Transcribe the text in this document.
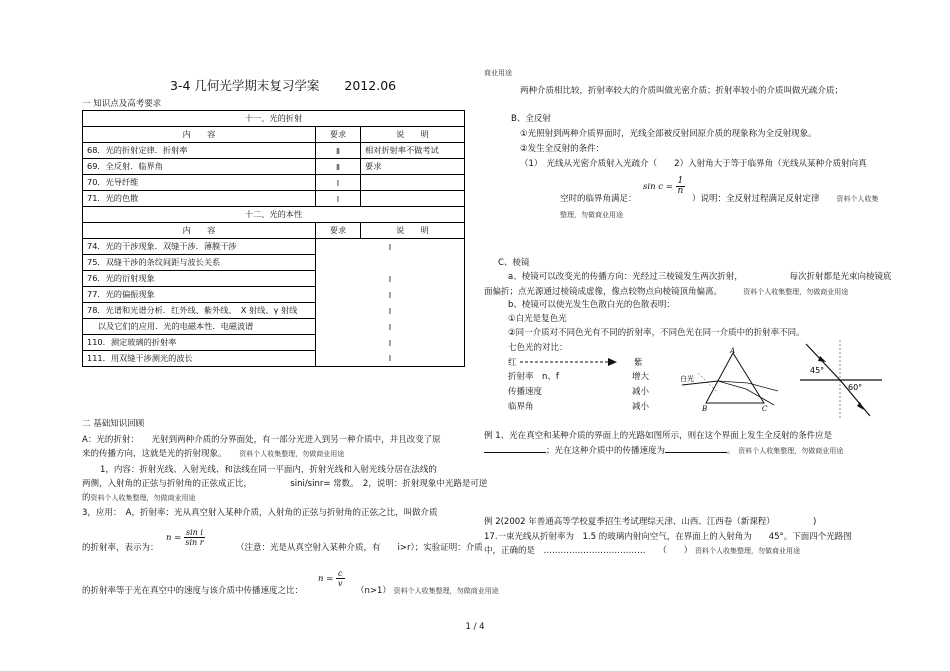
3-4 几何光学期末复习学案　　 2012.06
一 知识点及高考要求
十一、光的折射		
内　　容	要求	说　　明
68．光的折射定律．折射率	Ⅱ	相对折射率不做考试
69．全反射．临界角	Ⅱ	要求
70．光导纤维	Ⅰ	
71．光的色散	Ⅰ	
十二、光的本性		
内　　容	要求	说　　明
74．光的干涉现象．双缝干涉．薄膜干涉	Ⅰ	
75．双缝干涉的条纹间距与波长关系		
76．光的衍射现象	Ⅰ	
77．光的偏振现象	Ⅰ	
78．光谱和光谱分析．红外线、紫外线、　X 射线、γ 射线	Ⅰ	
　 以及它们的应用．光的电磁本性．电磁波谱	Ⅰ	
110．测定玻璃的折射率	Ⅰ	
111．用双缝干涉测光的波长	Ⅰ	
二 基础知识回顾
A：光的折射：　　 光射到两种介质的分界面处，有一部分光进入到另一种介质中，并且改变了原
来的传播方向，这就是光的折射现象。　　 资料个人收集整理，勿做商业用途
1，内容：折射光线、入射光线、和法线在同一平面内，折射光线和入射光线分居在法线的
两侧，入射角的正弦与折射角的正弦成正比，　　　　　	sini/sinr= 常数。　2，说明：折射现象中光路是可逆
的资料个人收集整理，勿做商业用途
3，应用：　A，折射率：光从真空射入某种介质，入射角的正弦与折射角的正弦之比，叫做介质
的折射率，表示为：
$n = \frac{\text{sin i}}{\text{sin r}}$
（注意：光是从真空射入某种介质，有　　i>r）；实验证明：介质
的折射率等于光在真空中的速度与该介质中传播速度之比：
$n = \frac{c}{v}$
（n>1） 资料个人收集整理，勿做商业用途
商业用途
两种介质相比较，折射率较大的介质叫做光密介质；折射率较小的介质叫做光疏介质；
B、全反射
①光照射到两种介质界面时，光线全部被反射回原介质的现象称为全反射现象。
②发生全反射的条件：
（1）　光线从光密介质射入光疏介（　　2）入射角大于等于临界角（光线从某种介质射向真
空时的临界角满足：
$\sin c = \frac{1}{n}$
）说明：全反射过程满足反射定律　　 资料个人收集
整理，勿做商业用途
C、棱镜
a、棱镜可以改变光的传播方向：光经过三棱镜发生两次折射，　　　　　　	每次折射都是光束向棱镜底
面偏折；点光源通过棱镜成虚像，像点较物点向棱镜顶角偏离。　　　	资料个人收集整理，勿做商业用途
b、棱镜可以使光发生色散白光的色散表明：
①白光是复色光
②同一介质对不同色光有不同的折射率，不同色光在同一介质中的折射率不同。
七色光的对比：
红	紫
折射率　n、f	增大
传播速度	减小
临界角	减小
A
白光
B	C
45°
60°
例 1、光在真空和某种介质的界面上的光路如图所示，则在这个界面上发生全反射的条件应是
；光在这种介质中的传播速度为	。 资料个人收集整理，勿做商业用途
例 2(2002 年普通高等学校夏季招生考试理综天津、山西、江西卷（新课程）　　　　　)
17.一束光线从折射率为　1.5 的玻璃内射向空气，在界面上的入射角为　　45°。下面四个光路图
中，正确的是　 ………………………………　　 （　　） 资料个人收集整理，勿做商业用途
1 / 4
